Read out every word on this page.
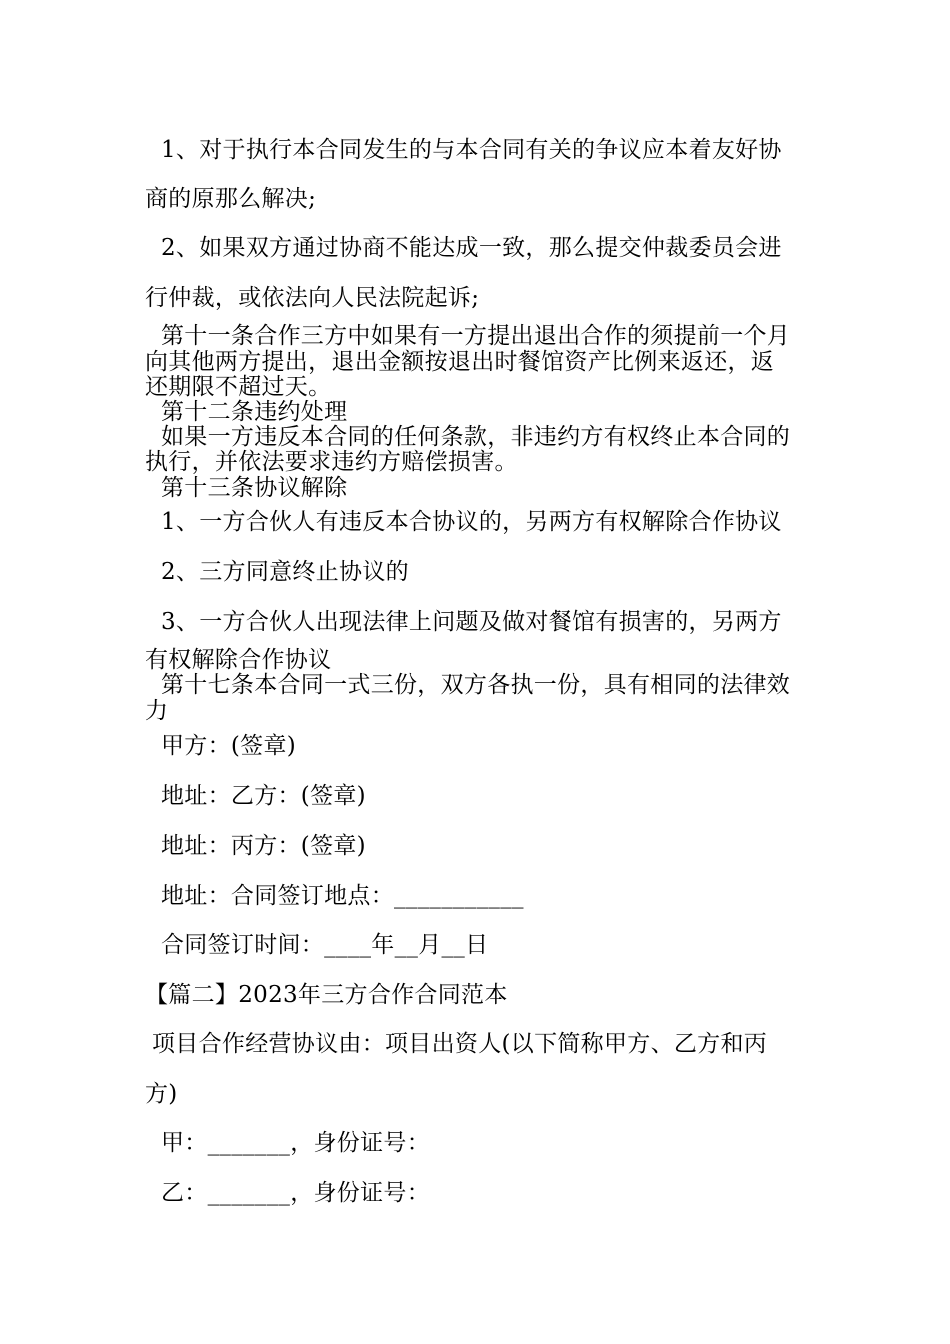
1、对于执行本合同发生的与本合同有关的争议应本着友好协
商的原那么解决;
2、如果双方通过协商不能达成一致，那么提交仲裁委员会进
行仲裁，或依法向人民法院起诉;
第十一条合作三方中如果有一方提出退出合作的须提前一个月
向其他两方提出，退出金额按退出时餐馆资产比例来返还，返
还期限不超过天。
第十二条违约处理
如果一方违反本合同的任何条款，非违约方有权终止本合同的
执行，并依法要求违约方赔偿损害。
第十三条协议解除
1、一方合伙人有违反本合协议的，另两方有权解除合作协议
2、三方同意终止协议的
3、一方合伙人出现法律上问题及做对餐馆有损害的，另两方
有权解除合作协议
第十七条本合同一式三份，双方各执一份，具有相同的法律效
力
甲方：(签章)
地址：乙方：(签章)
地址：丙方：(签章)
地址：合同签订地点：___________
合同签订时间：____年__月__日
【篇二】2023年三方合作合同范本
项目合作经营协议由：项目出资人(以下简称甲方、乙方和丙
方)
甲：_______，身份证号：
乙：_______，身份证号：
